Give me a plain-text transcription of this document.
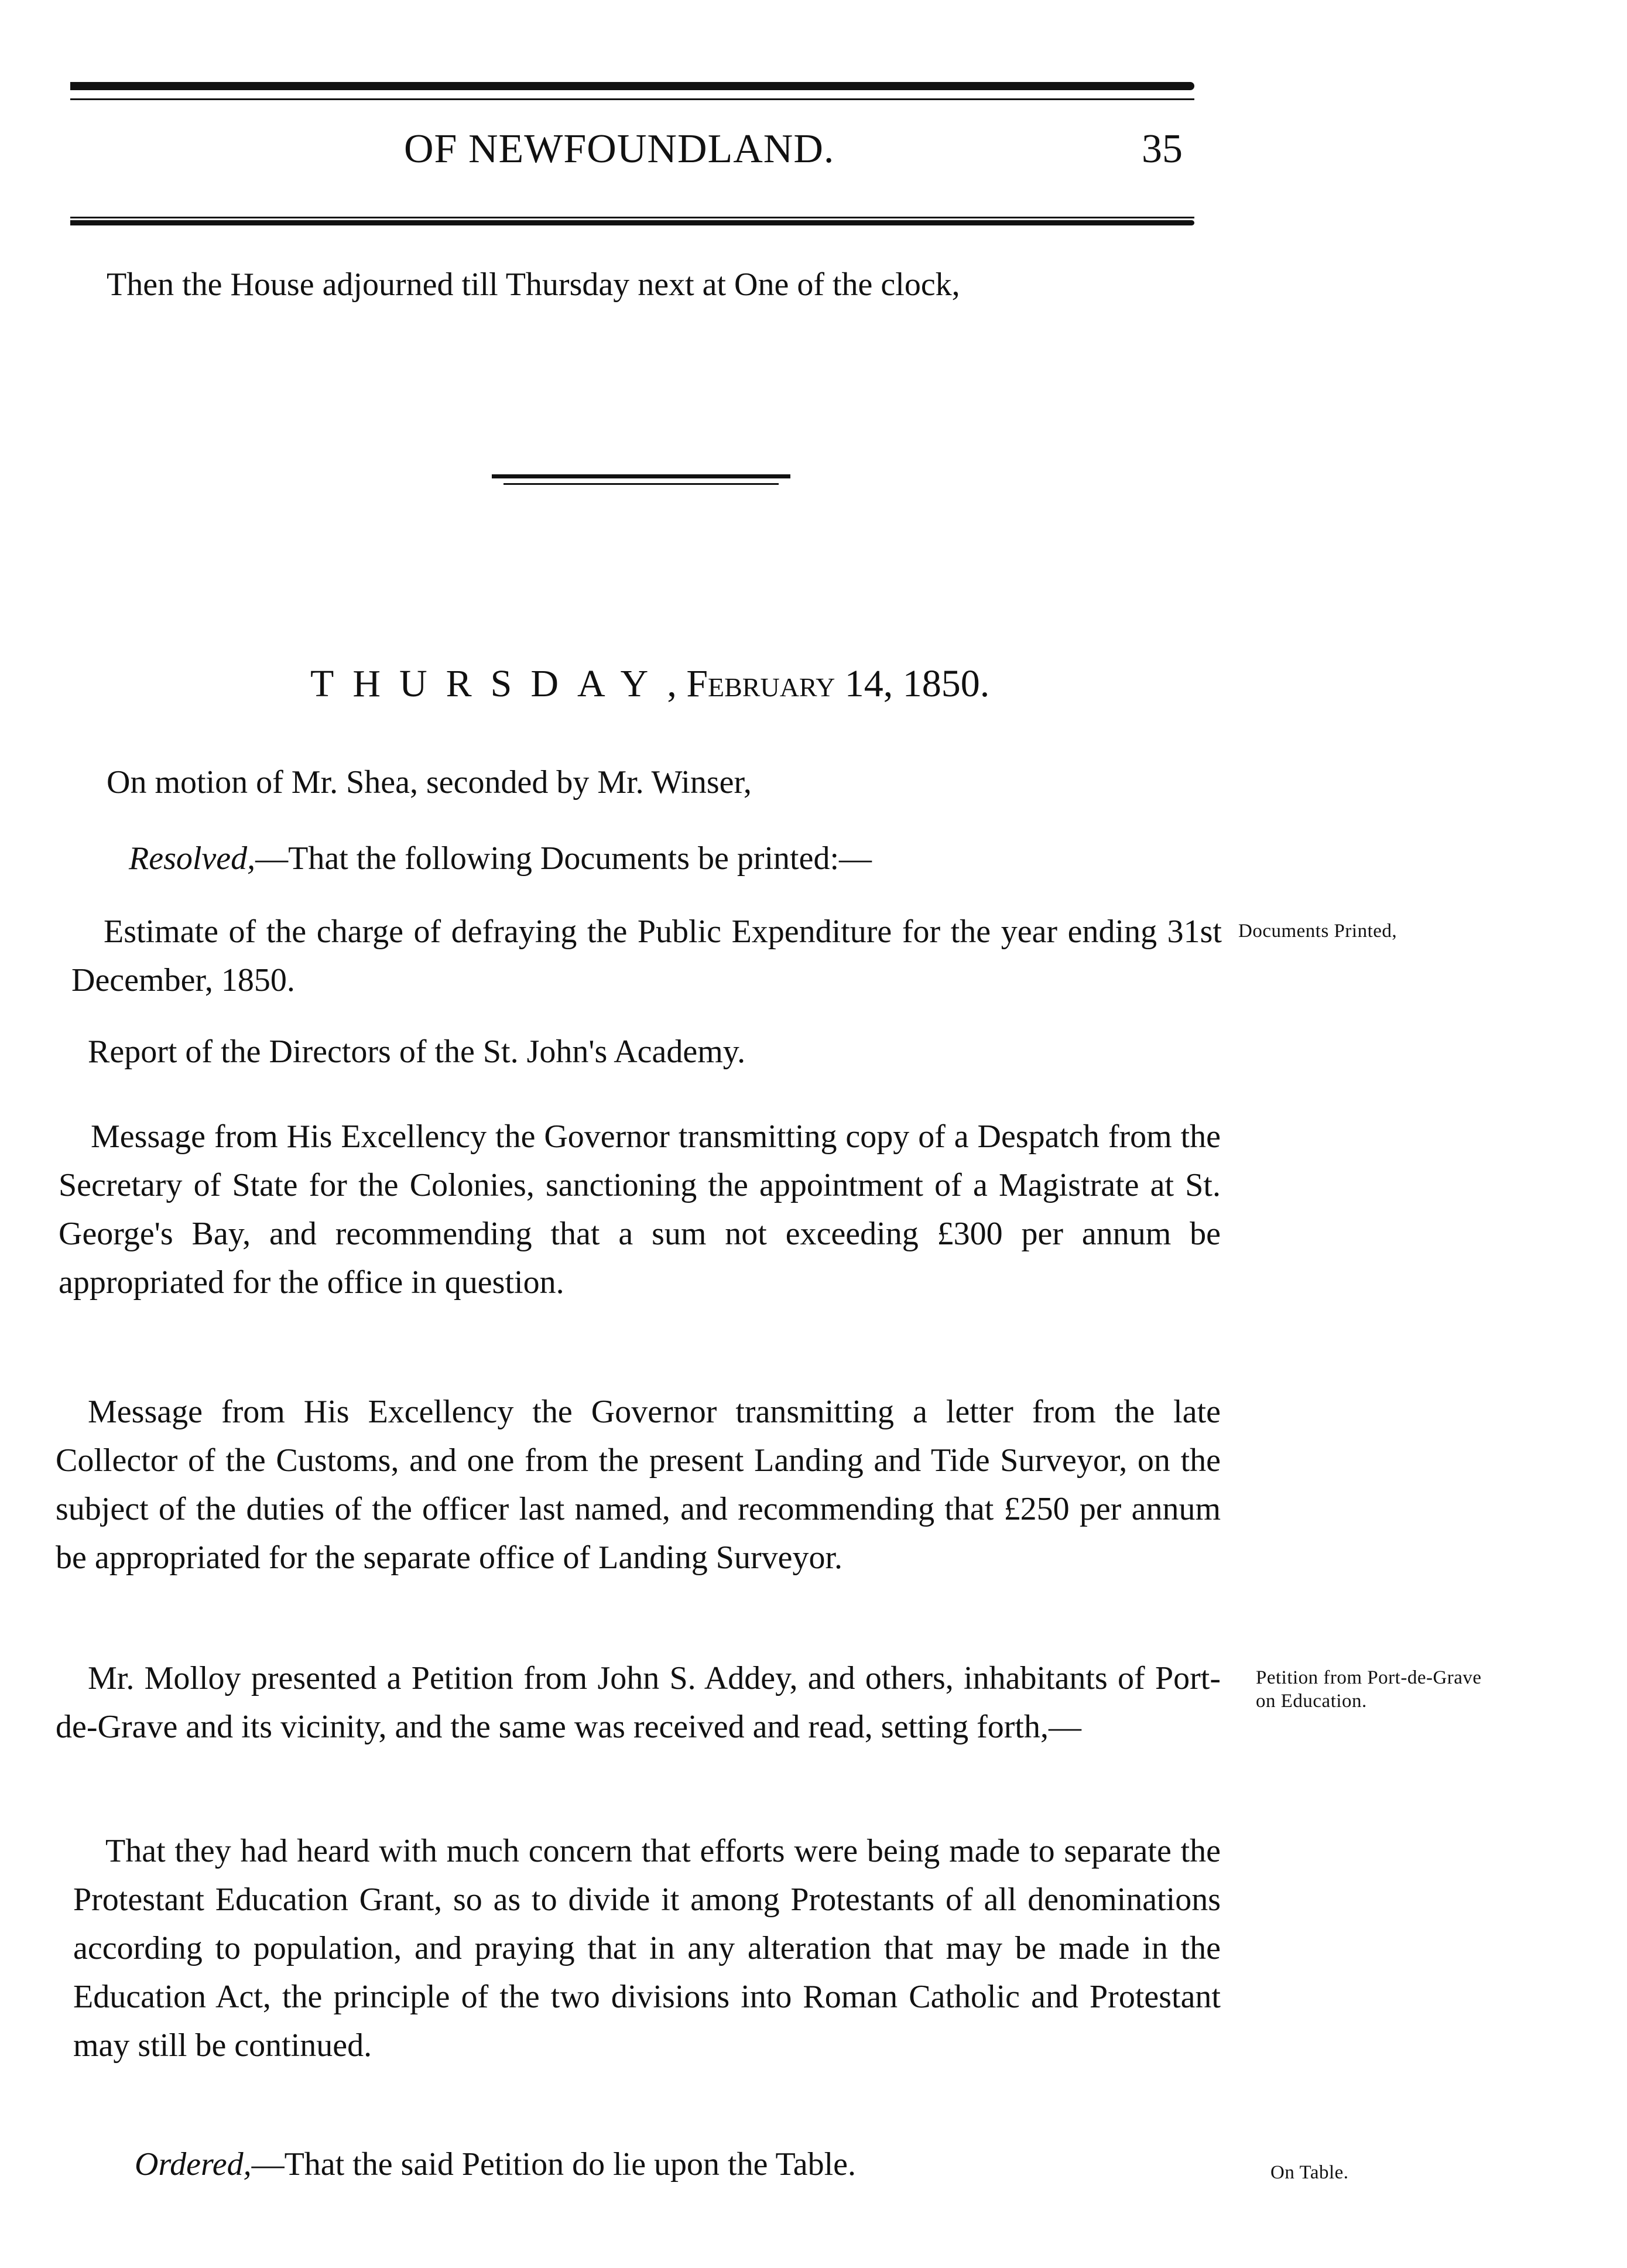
OF NEWFOUNDLAND.	35
Then the House adjourned till Thursday next at One of the clock,
THURSDAY, February 14, 1850.
On motion of Mr. Shea, seconded by Mr. Winser,
Resolved,—That the following Documents be printed:—
Estimate of the charge of defraying the Public Expenditure for the year ending 31st December, 1850.
Report of the Directors of the St. John's Academy.
Message from His Excellency the Governor transmitting copy of a Despatch from the Secretary of State for the Colonies, sanctioning the appointment of a Magistrate at St. George's Bay, and recommending that a sum not exceeding £300 per annum be appropriated for the office in question.
Message from His Excellency the Governor transmitting a letter from the late Collector of the Customs, and one from the present Landing and Tide Surveyor, on the subject of the duties of the officer last named, and recommending that £250 per annum be appropriated for the separate office of Landing Surveyor.
Mr. Molloy presented a Petition from John S. Addey, and others, inhabitants of Port-de-Grave and its vicinity, and the same was received and read, setting forth,—
That they had heard with much concern that efforts were being made to separate the Protestant Education Grant, so as to divide it among Protestants of all denominations according to population, and praying that in any alteration that may be made in the Education Act, the principle of the two divisions into Roman Catholic and Protestant may still be continued.
Ordered,—That the said Petition do lie upon the Table.
Documents Printed,
Petition from Port-de-Grave
on Education.
On Table.
